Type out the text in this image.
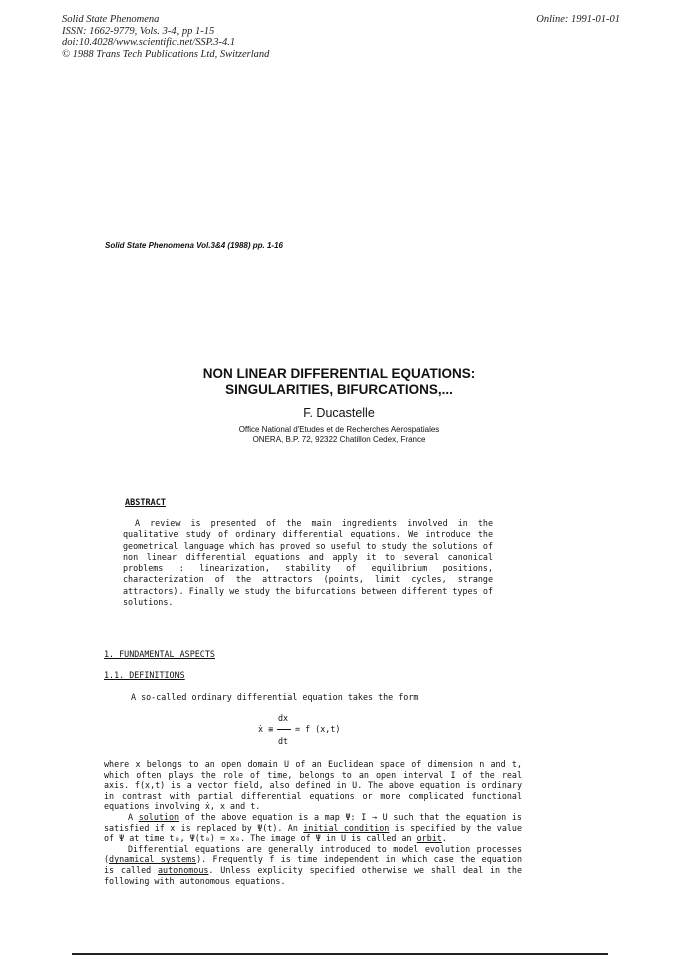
Solid State Phenomena
ISSN: 1662-9779, Vols. 3-4, pp 1-15
doi:10.4028/www.scientific.net/SSP.3-4.1
© 1988 Trans Tech Publications Ltd, Switzerland
Online: 1991-01-01
Solid State Phenomena Vol.3&4 (1988) pp. 1-16
NON LINEAR DIFFERENTIAL EQUATIONS:
SINGULARITIES, BIFURCATIONS,...
F. Ducastelle
Office National d'Etudes et de Recherches Aerospatiales
ONERA, B.P. 72, 92322 Chatillon Cedex, France
ABSTRACT

A review is presented of the main ingredients involved in the qualitative study of ordinary differential equations. We introduce the geometrical language which has proved so useful to study the solutions of non linear differential equations and apply it to several canonical problems : linearization, stability of equilibrium positions, characterization of the attractors (points, limit cycles, strange attractors). Finally we study the bifurcations between different types of solutions.

1. FUNDAMENTAL ASPECTS
1.1. DEFINITIONS
A so-called ordinary differential equation takes the form
dx
ẋ ≡	= f (x,t)
dt

where x belongs to an open domain U of an Euclidean space of dimension n and t, which often plays the role of time, belongs to an open interval I of the real axis. f(x,t) is a vector field, also defined in U. The above equation is ordinary in contrast with partial differential equations or more complicated functional equations involving ẋ, x and t.

A solution of the above equation is a map Ψ: I → U such that the equation is satisfied if x is replaced by Ψ(t). An initial condition is specified by the value of Ψ at time t₀, Ψ(t₀) = x₀. The image of Ψ in U is called an orbit.

Differential equations are generally introduced to model evolution processes (dynamical systems). Frequently f is time independent in which case the equation is called autonomous. Unless explicity specified otherwise we shall deal in the following with autonomous equations.
